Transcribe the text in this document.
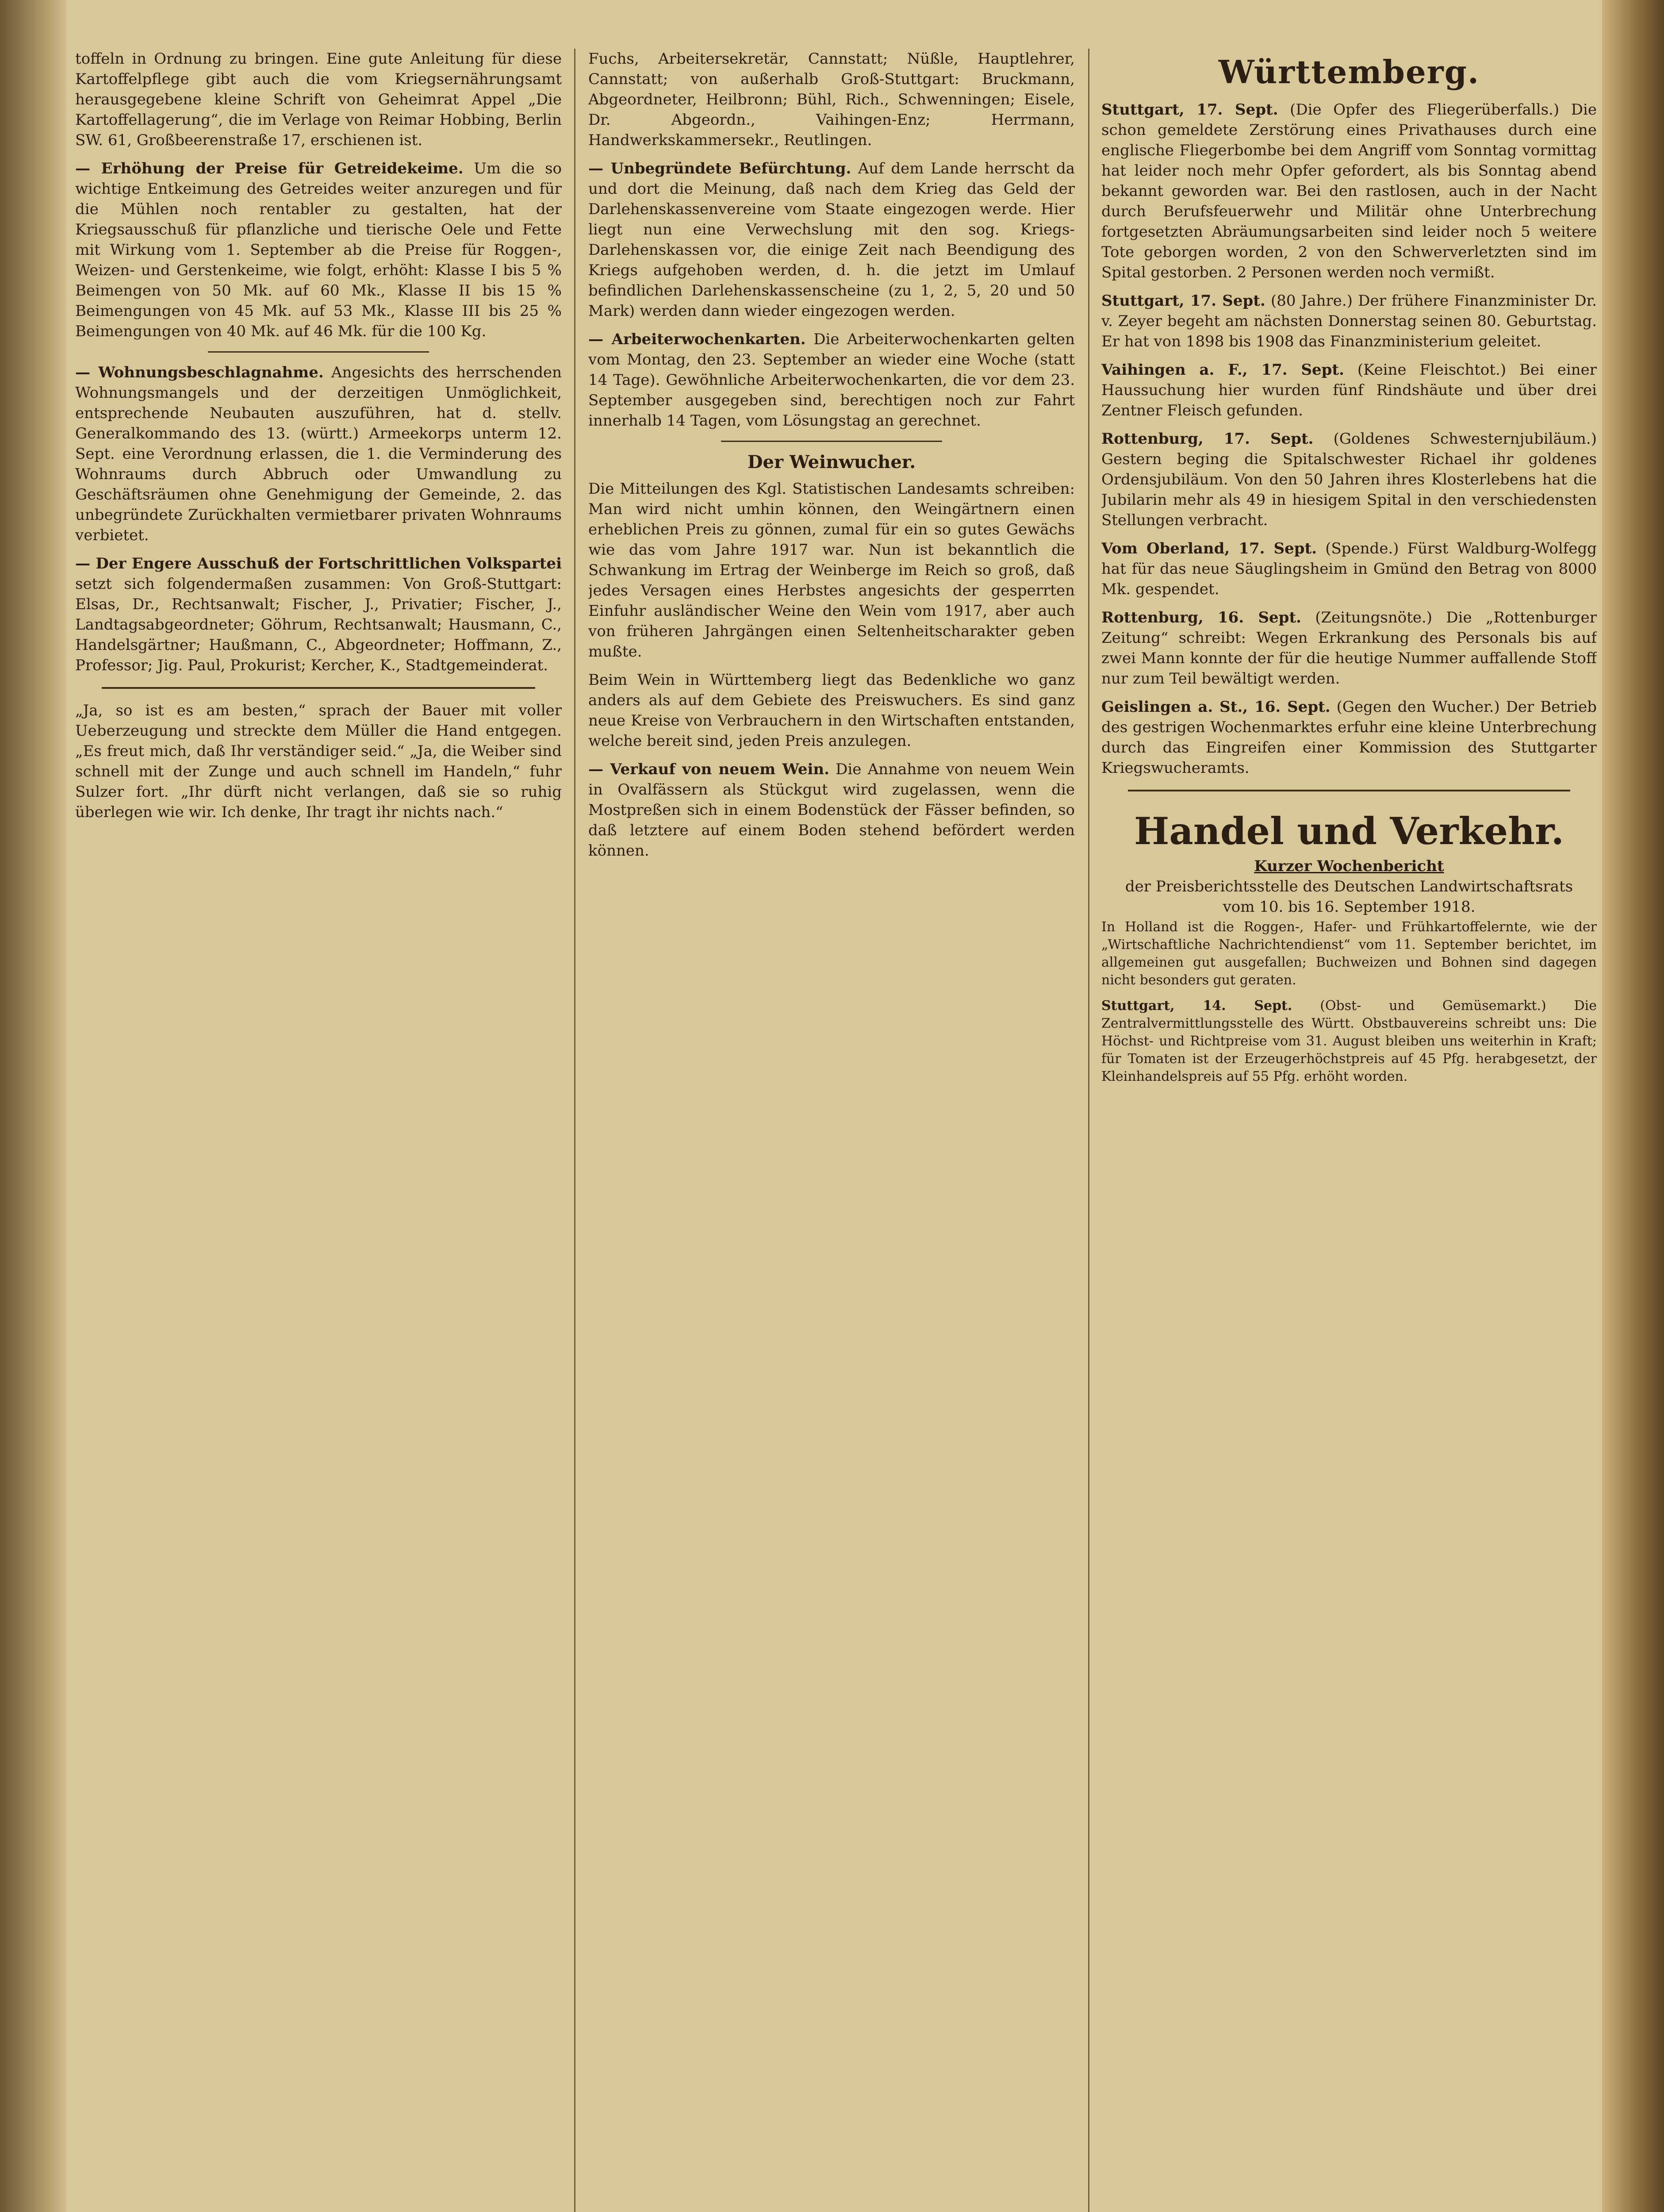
toffeln in Ordnung zu bringen. Eine gute Anleitung für diese Kartoffelpflege gibt auch die vom Kriegsernährungsamt herausgegebene kleine Schrift von Geheimrat Appel „Die Kartoffellagerung“, die im Verlage von Reimar Hobbing, Berlin SW. 61, Großbeerenstraße 17, erschienen ist.

— Erhöhung der Preise für Getreidekeime. Um die so wichtige Entkeimung des Getreides weiter anzuregen und für die Mühlen noch rentabler zu gestalten, hat der Kriegsausschuß für pflanzliche und tierische Oele und Fette mit Wirkung vom 1. September ab die Preise für Roggen-, Weizen- und Gerstenkeime, wie folgt, erhöht: Klasse I bis 5 % Beimengen von 50 Mk. auf 60 Mk., Klasse II bis 15 % Beimengungen von 45 Mk. auf 53 Mk., Klasse III bis 25 % Beimengungen von 40 Mk. auf 46 Mk. für die 100 Kg.

— Wohnungsbeschlagnahme. Angesichts des herrschenden Wohnungsmangels und der derzeitigen Unmöglichkeit, entsprechende Neubauten auszuführen, hat d. stellv. Generalkommando des 13. (württ.) Armeekorps unterm 12. Sept. eine Verordnung erlassen, die 1. die Verminderung des Wohnraums durch Abbruch oder Umwandlung zu Geschäftsräumen ohne Genehmigung der Gemeinde, 2. das unbegründete Zurückhalten vermietbarer privaten Wohnraums verbietet.

— Der Engere Ausschuß der Fortschrittlichen Volkspartei setzt sich folgendermaßen zusammen: Von Groß-Stuttgart: Elsas, Dr., Rechtsanwalt; Fischer, J., Privatier; Fischer, J., Landtagsabgeordneter; Göhrum, Rechtsanwalt; Hausmann, C., Handelsgärtner; Haußmann, C., Abgeordneter; Hoffmann, Z., Professor; Jig. Paul, Prokurist; Kercher, K., Stadtgemeinderat.

„Ja, so ist es am besten,“ sprach der Bauer mit voller Ueberzeugung und streckte dem Müller die Hand entgegen. „Es freut mich, daß Ihr verständiger seid.“ „Ja, die Weiber sind schnell mit der Zunge und auch schnell im Handeln,“ fuhr Sulzer fort. „Ihr dürft nicht verlangen, daß sie so ruhig überlegen wie wir. Ich denke, Ihr tragt ihr nichts nach.“

Fuchs, Arbeitersekretär, Cannstatt; Nüßle, Hauptlehrer, Cannstatt; von außerhalb Groß-Stuttgart: Bruckmann, Abgeordneter, Heilbronn; Bühl, Rich., Schwenningen; Eisele, Dr. Abgeordn., Vaihingen-Enz; Herrmann, Handwerkskammersekr., Reutlingen.

— Unbegründete Befürchtung. Auf dem Lande herrscht da und dort die Meinung, daß nach dem Krieg das Geld der Darlehenskassenvereine vom Staate eingezogen werde. Hier liegt nun eine Verwechslung mit den sog. Kriegs-Darlehenskassen vor, die einige Zeit nach Beendigung des Kriegs aufgehoben werden, d. h. die jetzt im Umlauf befindlichen Darlehenskassenscheine (zu 1, 2, 5, 20 und 50 Mark) werden dann wieder eingezogen werden.

— Arbeiterwochenkarten. Die Arbeiterwochenkarten gelten vom Montag, den 23. September an wieder eine Woche (statt 14 Tage). Gewöhnliche Arbeiterwochenkarten, die vor dem 23. September ausgegeben sind, berechtigen noch zur Fahrt innerhalb 14 Tagen, vom Lösungstag an gerechnet.

Der Weinwucher.

Die Mitteilungen des Kgl. Statistischen Landesamts schreiben: Man wird nicht umhin können, den Weingärtnern einen erheblichen Preis zu gönnen, zumal für ein so gutes Gewächs wie das vom Jahre 1917 war. Nun ist bekanntlich die Schwankung im Ertrag der Weinberge im Reich so groß, daß jedes Versagen eines Herbstes angesichts der gesperrten Einfuhr ausländischer Weine den Wein vom 1917, aber auch von früheren Jahrgängen einen Seltenheitscharakter geben mußte.

Beim Wein in Württemberg liegt das Bedenkliche wo ganz anders als auf dem Gebiete des Preiswuchers. Es sind ganz neue Kreise von Verbrauchern in den Wirtschaften entstanden, welche bereit sind, jeden Preis anzulegen.

— Verkauf von neuem Wein. Die Annahme von neuem Wein in Ovalfässern als Stückgut wird zugelassen, wenn die Mostpreßen sich in einem Bodenstück der Fässer befinden, so daß letztere auf einem Boden stehend befördert werden können.

Württemberg.

Stuttgart, 17. Sept. (Die Opfer des Fliegerüberfalls.) Die schon gemeldete Zerstörung eines Privathauses durch eine englische Fliegerbombe bei dem Angriff vom Sonntag vormittag hat leider noch mehr Opfer gefordert, als bis Sonntag abend bekannt geworden war. Bei den rastlosen, auch in der Nacht durch Berufsfeuerwehr und Militär ohne Unterbrechung fortgesetzten Abräumungsarbeiten sind leider noch 5 weitere Tote geborgen worden, 2 von den Schwerverletzten sind im Spital gestorben. 2 Personen werden noch vermißt.

Stuttgart, 17. Sept. (80 Jahre.) Der frühere Finanzminister Dr. v. Zeyer begeht am nächsten Donnerstag seinen 80. Geburtstag. Er hat von 1898 bis 1908 das Finanzministerium geleitet.

Vaihingen a. F., 17. Sept. (Keine Fleischtot.) Bei einer Haussuchung hier wurden fünf Rindshäute und über drei Zentner Fleisch gefunden.

Rottenburg, 17. Sept. (Goldenes Schwesternjubiläum.) Gestern beging die Spitalschwester Richael ihr goldenes Ordensjubiläum. Von den 50 Jahren ihres Klosterlebens hat die Jubilarin mehr als 49 in hiesigem Spital in den verschiedensten Stellungen verbracht.

Vom Oberland, 17. Sept. (Spende.) Fürst Waldburg-Wolfegg hat für das neue Säuglingsheim in Gmünd den Betrag von 8000 Mk. gespendet.

Rottenburg, 16. Sept. (Zeitungsnöte.) Die „Rottenburger Zeitung“ schreibt: Wegen Erkrankung des Personals bis auf zwei Mann konnte der für die heutige Nummer auffallende Stoff nur zum Teil bewältigt werden.

Geislingen a. St., 16. Sept. (Gegen den Wucher.) Der Betrieb des gestrigen Wochenmarktes erfuhr eine kleine Unterbrechung durch das Eingreifen einer Kommission des Stuttgarter Kriegswucheramts.

Handel und Verkehr.
Kurzer Wochenbericht
der Preisberichtsstelle des Deutschen Landwirtschaftsrats
vom 10. bis 16. September 1918.

In Holland ist die Roggen-, Hafer- und Frühkartoffelernte, wie der „Wirtschaftliche Nachrichtendienst“ vom 11. September berichtet, im allgemeinen gut ausgefallen; Buchweizen und Bohnen sind dagegen nicht besonders gut geraten.

Stuttgart, 14. Sept. (Obst- und Gemüsemarkt.) Die Zentralvermittlungsstelle des Württ. Obstbauvereins schreibt uns: Die Höchst- und Richtpreise vom 31. August bleiben uns weiterhin in Kraft; für Tomaten ist der Erzeugerhöchstpreis auf 45 Pfg. herabgesetzt, der Kleinhandelspreis auf 55 Pfg. erhöht worden.
